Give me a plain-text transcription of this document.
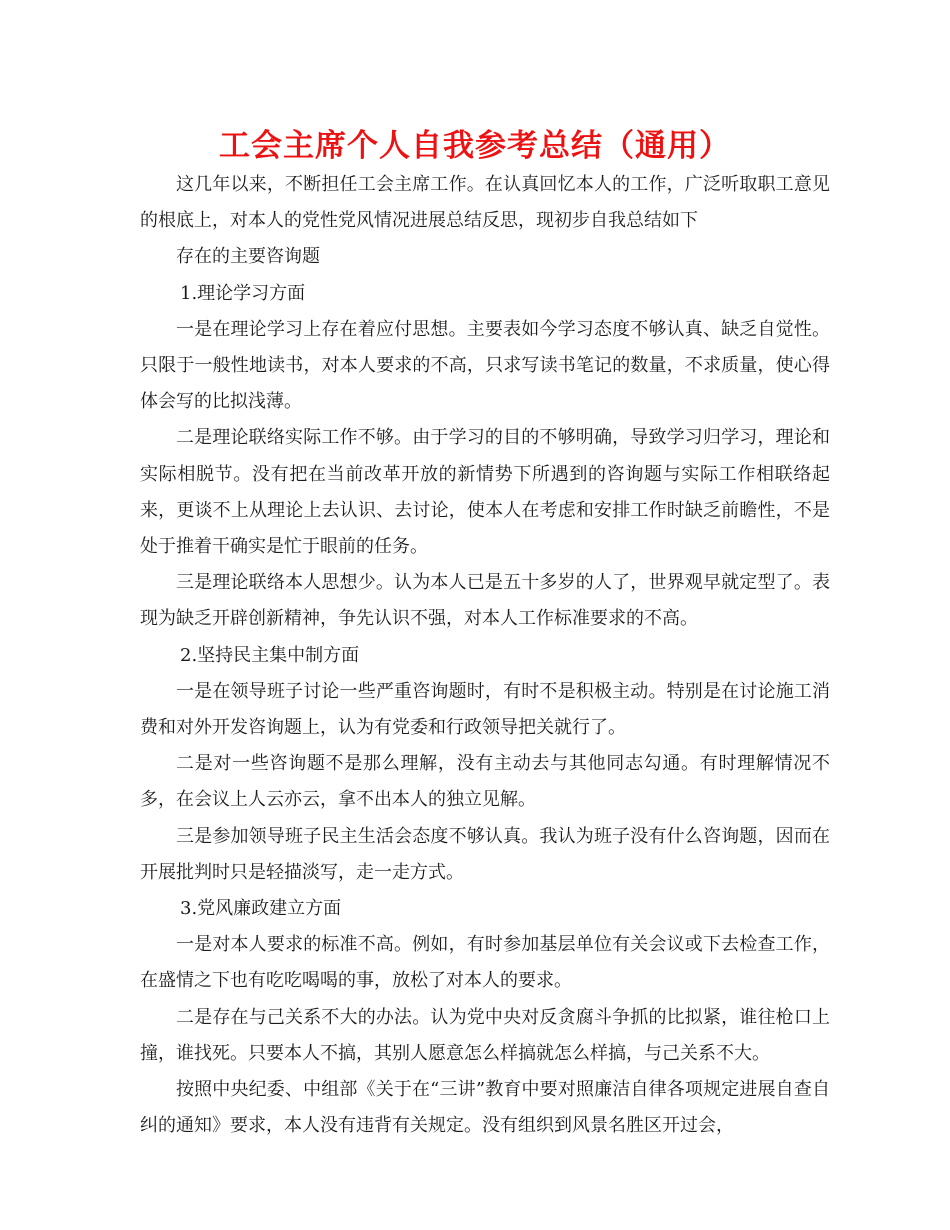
工会主席个人自我参考总结（通用）

这几年以来，不断担任工会主席工作。在认真回忆本人的工作，广泛听取职工意见的根底上，对本人的党性党风情况进展总结反思，现初步自我总结如下

存在的主要咨询题

1.理论学习方面

一是在理论学习上存在着应付思想。主要表如今学习态度不够认真、缺乏自觉性。只限于一般性地读书，对本人要求的不高，只求写读书笔记的数量，不求质量，使心得体会写的比拟浅薄。

二是理论联络实际工作不够。由于学习的目的不够明确，导致学习归学习，理论和实际相脱节。没有把在当前改革开放的新情势下所遇到的咨询题与实际工作相联络起来，更谈不上从理论上去认识、去讨论，使本人在考虑和安排工作时缺乏前瞻性，不是处于推着干确实是忙于眼前的任务。

三是理论联络本人思想少。认为本人已是五十多岁的人了，世界观早就定型了。表现为缺乏开辟创新精神，争先认识不强，对本人工作标准要求的不高。

2.坚持民主集中制方面

一是在领导班子讨论一些严重咨询题时，有时不是积极主动。特别是在讨论施工消费和对外开发咨询题上，认为有党委和行政领导把关就行了。

二是对一些咨询题不是那么理解，没有主动去与其他同志勾通。有时理解情况不多，在会议上人云亦云，拿不出本人的独立见解。

三是参加领导班子民主生活会态度不够认真。我认为班子没有什么咨询题，因而在开展批判时只是轻描淡写，走一走方式。

3.党风廉政建立方面

一是对本人要求的标准不高。例如，有时参加基层单位有关会议或下去检查工作，在盛情之下也有吃吃喝喝的事，放松了对本人的要求。

二是存在与己关系不大的办法。认为党中央对反贪腐斗争抓的比拟紧，谁往枪口上撞，谁找死。只要本人不搞，其别人愿意怎么样搞就怎么样搞，与己关系不大。

按照中央纪委、中组部《关于在“三讲”教育中要对照廉洁自律各项规定进展自查自纠的通知》要求，本人没有违背有关规定。没有组织到风景名胜区开过会，
